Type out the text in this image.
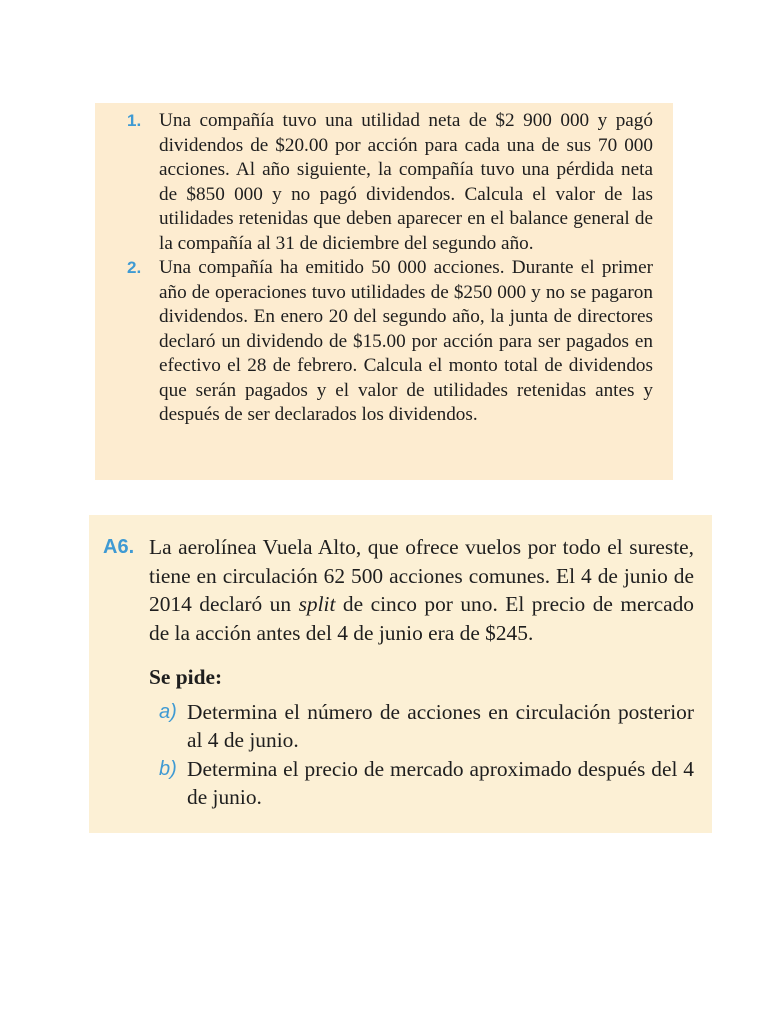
1. Una compañía tuvo una utilidad neta de $2 900 000 y pagó dividendos de $20.00 por acción para cada una de sus 70 000 acciones. Al año siguiente, la compañía tuvo una pérdida neta de $850 000 y no pagó dividendos. Calcula el valor de las utilidades retenidas que deben aparecer en el balance general de la compañía al 31 de diciembre del segundo año.
2. Una compañía ha emitido 50 000 acciones. Durante el primer año de operaciones tuvo utilidades de $250 000 y no se pagaron dividendos. En enero 20 del segundo año, la junta de directores declaró un dividendo de $15.00 por acción para ser pagados en efectivo el 28 de febrero. Calcula el monto total de dividendos que serán pagados y el valor de utilidades retenidas antes y después de ser declarados los dividendos.
A6. La aerolínea Vuela Alto, que ofrece vuelos por todo el sureste, tiene en circulación 62 500 acciones comunes. El 4 de junio de 2014 declaró un split de cinco por uno. El precio de mercado de la acción antes del 4 de junio era de $245.
Se pide:
a) Determina el número de acciones en circulación posterior al 4 de junio.
b) Determina el precio de mercado aproximado después del 4 de junio.
